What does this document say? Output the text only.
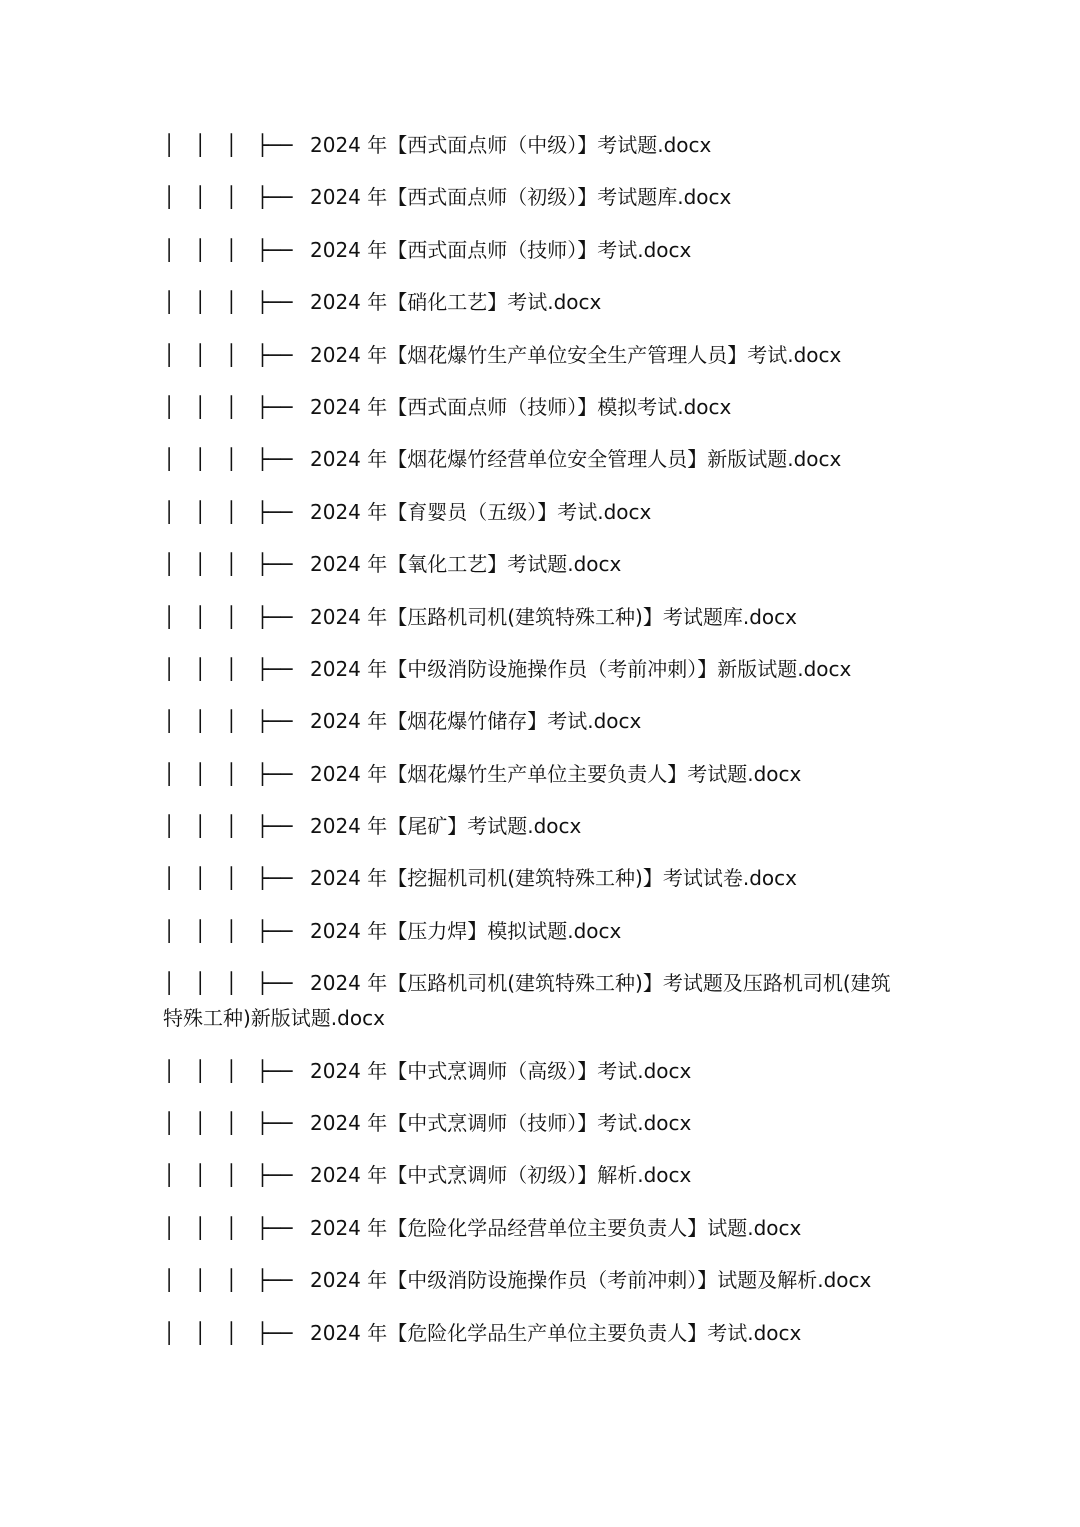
│   │   │   ├── 2024 年【西式面点师（中级）】考试题.docx
│   │   │   ├── 2024 年【西式面点师（初级）】考试题库.docx
│   │   │   ├── 2024 年【西式面点师（技师）】考试.docx
│   │   │   ├── 2024 年【硝化工艺】考试.docx
│   │   │   ├── 2024 年【烟花爆竹生产单位安全生产管理人员】考试.docx
│   │   │   ├── 2024 年【西式面点师（技师）】模拟考试.docx
│   │   │   ├── 2024 年【烟花爆竹经营单位安全管理人员】新版试题.docx
│   │   │   ├── 2024 年【育婴员（五级）】考试.docx
│   │   │   ├── 2024 年【氧化工艺】考试题.docx
│   │   │   ├── 2024 年【压路机司机(建筑特殊工种)】考试题库.docx
│   │   │   ├── 2024 年【中级消防设施操作员（考前冲刺）】新版试题.docx
│   │   │   ├── 2024 年【烟花爆竹储存】考试.docx
│   │   │   ├── 2024 年【烟花爆竹生产单位主要负责人】考试题.docx
│   │   │   ├── 2024 年【尾矿】考试题.docx
│   │   │   ├── 2024 年【挖掘机司机(建筑特殊工种)】考试试卷.docx
│   │   │   ├── 2024 年【压力焊】模拟试题.docx
│   │   │   ├── 2024 年【压路机司机(建筑特殊工种)】考试题及压路机司机(建筑特殊工种)新版试题.docx
│   │   │   ├── 2024 年【中式烹调师（高级）】考试.docx
│   │   │   ├── 2024 年【中式烹调师（技师）】考试.docx
│   │   │   ├── 2024 年【中式烹调师（初级）】解析.docx
│   │   │   ├── 2024 年【危险化学品经营单位主要负责人】试题.docx
│   │   │   ├── 2024 年【中级消防设施操作员（考前冲刺）】试题及解析.docx
│   │   │   ├── 2024 年【危险化学品生产单位主要负责人】考试.docx
